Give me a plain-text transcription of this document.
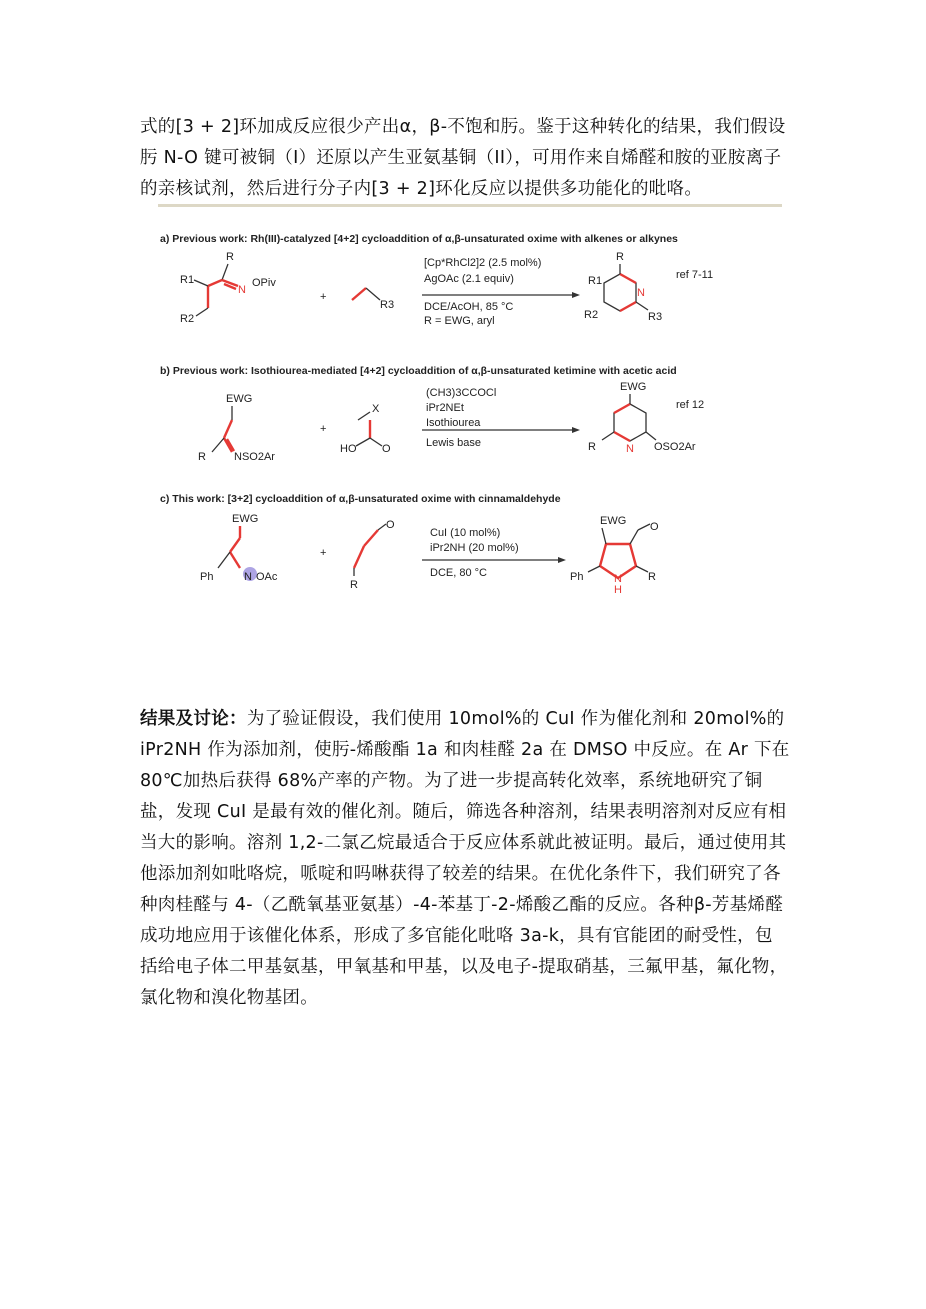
式的[3 + 2]环加成反应很少产出α，β-不饱和肟。鉴于这种转化的结果，我们假设肟 N-O 键可被铜（I）还原以产生亚氨基铜（II），可用作来自烯醛和胺的亚胺离子的亲核试剂，然后进行分子内[3 + 2]环化反应以提供多功能化的吡咯。
a) Previous work: Rh(III)-catalyzed [4+2] cycloaddition of α,β-unsaturated oxime with alkenes or alkynes
R
R1
R2
N
OPiv
+
R3
[Cp*RhCl2]2 (2.5 mol%)
AgOAc (2.1 equiv)
DCE/AcOH, 85 °C
R = EWG, aryl
R
R1
N
R2	R3
ref 7-11
b) Previous work: Isothiourea-mediated [4+2] cycloaddition of α,β-unsaturated ketimine with acetic acid
EWG
R	NSO2Ar
+
X
HO O
(CH3)3CCOCl
iPr2NEt
Isothiourea
Lewis base
EWG
R	N OSO2Ar
ref 12
c) This work: [3+2] cycloaddition of α,β-unsaturated oxime with cinnamaldehyde
EWG
Ph	N OAc
+
O
R
CuI (10 mol%)
iPr2NH (20 mol%)
DCE, 80 °C
EWG O
Ph	N
H
R
结果及讨论：为了验证假设，我们使用 10mol%的 CuI 作为催化剂和 20mol%的 iPr2NH 作为添加剂，使肟-烯酸酯 1a 和肉桂醛 2a 在 DMSO 中反应。在 Ar 下在 80℃加热后获得 68%产率的产物。为了进一步提高转化效率，系统地研究了铜盐，发现 CuI 是最有效的催化剂。随后，筛选各种溶剂，结果表明溶剂对反应有相当大的影响。溶剂 1,2-二氯乙烷最适合于反应体系就此被证明。最后，通过使用其他添加剂如吡咯烷，哌啶和吗啉获得了较差的结果。在优化条件下，我们研究了各种肉桂醛与 4-（乙酰氧基亚氨基）-4-苯基丁-2-烯酸乙酯的反应。各种β-芳基烯醛成功地应用于该催化体系，形成了多官能化吡咯 3a-k，具有官能团的耐受性，包括给电子体二甲基氨基，甲氧基和甲基，以及电子-提取硝基，三氟甲基，氟化物，氯化物和溴化物基团。
